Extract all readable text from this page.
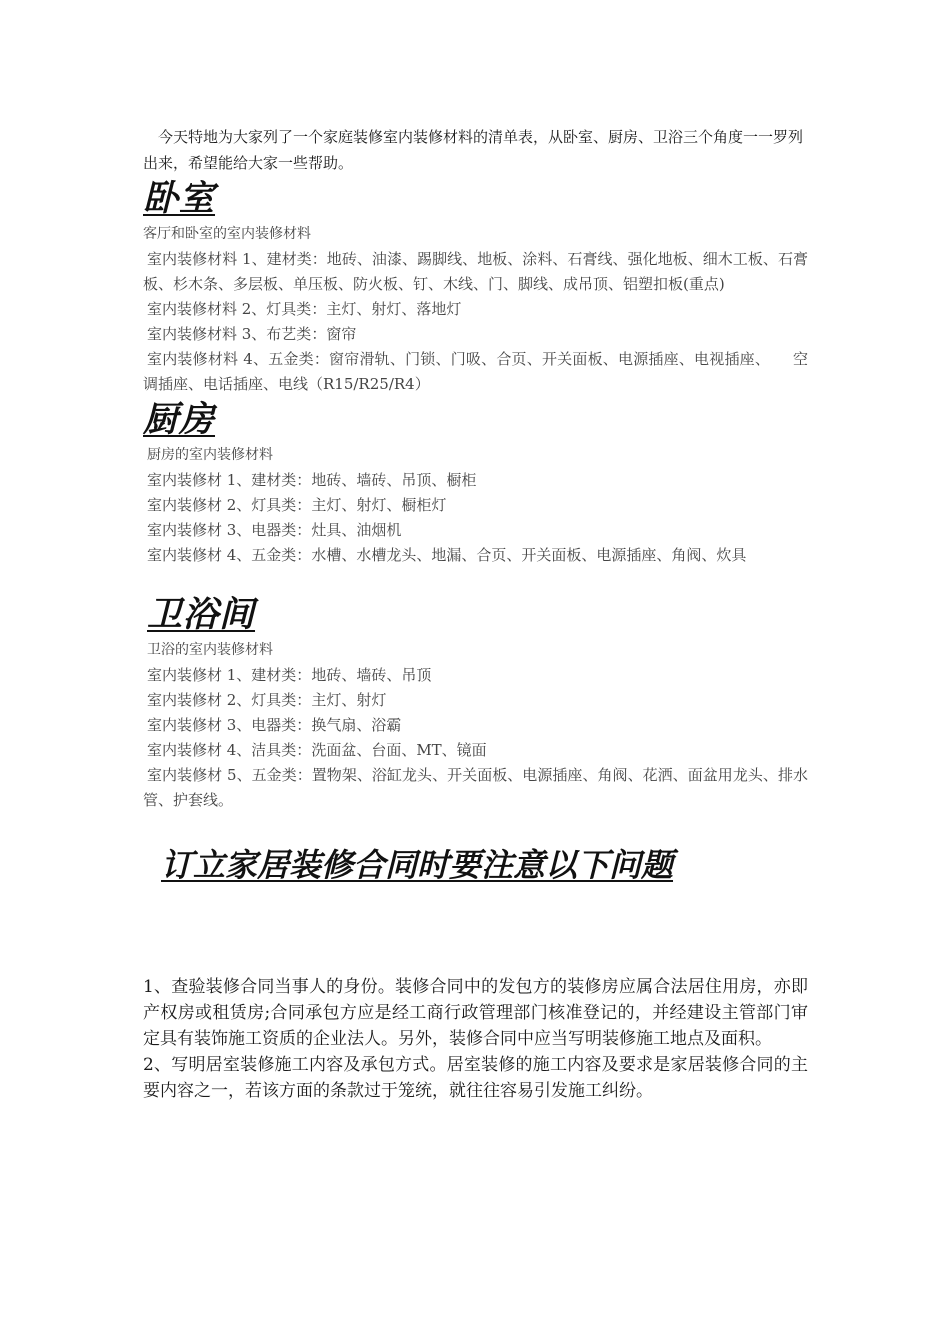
今天特地为大家列了一个家庭装修室内装修材料的清单表，从卧室、厨房、卫浴三个角度一一罗列出来，希望能给大家一些帮助。

卧室

客厅和卧室的室内装修材料

室内装修材料 1、建材类：地砖、油漆、踢脚线、地板、涂料、石膏线、强化地板、细木工板、石膏板、杉木条、多层板、单压板、防火板、钉、木线、门、脚线、成吊顶、铝塑扣板(重点)

室内装修材料 2、灯具类：主灯、射灯、落地灯

室内装修材料 3、布艺类：窗帘

室内装修材料 4、五金类：窗帘滑轨、门锁、门吸、合页、开关面板、电源插座、电视插座、　　空调插座、电话插座、电线（R15/R25/R4）

厨房

厨房的室内装修材料

室内装修材 1、建材类：地砖、墙砖、吊顶、橱柜

室内装修材 2、灯具类：主灯、射灯、橱柜灯

室内装修材 3、电器类：灶具、油烟机

室内装修材 4、五金类：水槽、水槽龙头、地漏、合页、开关面板、电源插座、角阀、炊具

卫浴间

卫浴的室内装修材料

室内装修材 1、建材类：地砖、墙砖、吊顶

室内装修材 2、灯具类：主灯、射灯

室内装修材 3、电器类：换气扇、浴霸

室内装修材 4、洁具类：洗面盆、台面、MT、镜面

室内装修材 5、五金类：置物架、浴缸龙头、开关面板、电源插座、角阀、花洒、面盆用龙头、排水管、护套线。

订立家居装修合同时要注意以下问题

1、查验装修合同当事人的身份。装修合同中的发包方的装修房应属合法居住用房，亦即产权房或租赁房;合同承包方应是经工商行政管理部门核准登记的，并经建设主管部门审定具有装饰施工资质的企业法人。另外，装修合同中应当写明装修施工地点及面积。

2、写明居室装修施工内容及承包方式。居室装修的施工内容及要求是家居装修合同的主要内容之一，若该方面的条款过于笼统，就往往容易引发施工纠纷。
